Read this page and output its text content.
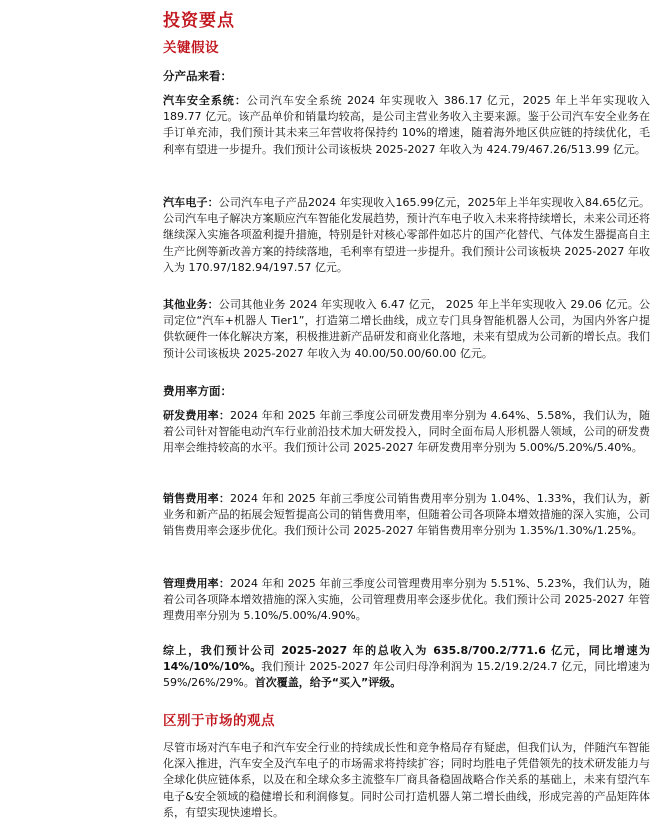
投资要点
关键假设
分产品来看：
汽车安全系统：公司汽车安全系统 2024 年实现收入 386.17 亿元，2025 年上半年实现收入 189.77 亿元。该产品单价和销量均较高，是公司主营业务收入主要来源。鉴于公司汽车安全业务在手订单充沛，我们预计其未来三年营收将保持约 10%的增速，随着海外地区供应链的持续优化，毛利率有望进一步提升。我们预计公司该板块 2025-2027 年收入为 424.79/467.26/513.99 亿元。
汽车电子：公司汽车电子产品2024 年实现收入165.99亿元，2025年上半年实现收入84.65亿元。公司汽车电子解决方案顺应汽车智能化发展趋势，预计汽车电子收入未来将持续增长，未来公司还将继续深入实施各项盈利提升措施，特别是针对核心零部件如芯片的国产化替代、气体发生器提高自主生产比例等新改善方案的持续落地，毛利率有望进一步提升。我们预计公司该板块 2025-2027 年收入为 170.97/182.94/197.57 亿元。
其他业务：公司其他业务 2024 年实现收入 6.47 亿元， 2025 年上半年实现收入 29.06 亿元。公司定位“汽车+机器人 Tier1”，打造第二增长曲线，成立专门具身智能机器人公司，为国内外客户提供软硬件一体化解决方案，积极推进新产品研发和商业化落地，未来有望成为公司新的增长点。我们预计公司该板块 2025-2027 年收入为 40.00/50.00/60.00 亿元。
费用率方面：
研发费用率：2024 年和 2025 年前三季度公司研发费用率分别为 4.64%、5.58%，我们认为，随着公司针对智能电动汽车行业前沿技术加大研发投入，同时全面布局人形机器人领域，公司的研发费用率会维持较高的水平。我们预计公司 2025-2027 年研发费用率分别为 5.00%/5.20%/5.40%。
销售费用率：2024 年和 2025 年前三季度公司销售费用率分别为 1.04%、1.33%，我们认为，新业务和新产品的拓展会短暂提高公司的销售费用率，但随着公司各项降本增效措施的深入实施，公司销售费用率会逐步优化。我们预计公司 2025-2027 年销售费用率分别为 1.35%/1.30%/1.25%。
管理费用率：2024 年和 2025 年前三季度公司管理费用率分别为 5.51%、5.23%，我们认为，随着公司各项降本增效措施的深入实施，公司管理费用率会逐步优化。我们预计公司 2025-2027 年管理费用率分别为 5.10%/5.00%/4.90%。
综上，我们预计公司 2025-2027 年的总收入为 635.8/700.2/771.6 亿元，同比增速为 14%/10%/10%。我们预计 2025-2027 年公司归母净利润为 15.2/19.2/24.7 亿元，同比增速为 59%/26%/29%。首次覆盖，给予“买入”评级。
区别于市场的观点
尽管市场对汽车电子和汽车安全行业的持续成长性和竞争格局存有疑虑，但我们认为，伴随汽车智能化深入推进，汽车安全及汽车电子的市场需求将持续扩容；同时均胜电子凭借领先的技术研发能力与全球化供应链体系，以及在和全球众多主流整车厂商具备稳固战略合作关系的基础上，未来有望汽车电子&安全领域的稳健增长和利润修复。同时公司打造机器人第二增长曲线，形成完善的产品矩阵体系，有望实现快速增长。
